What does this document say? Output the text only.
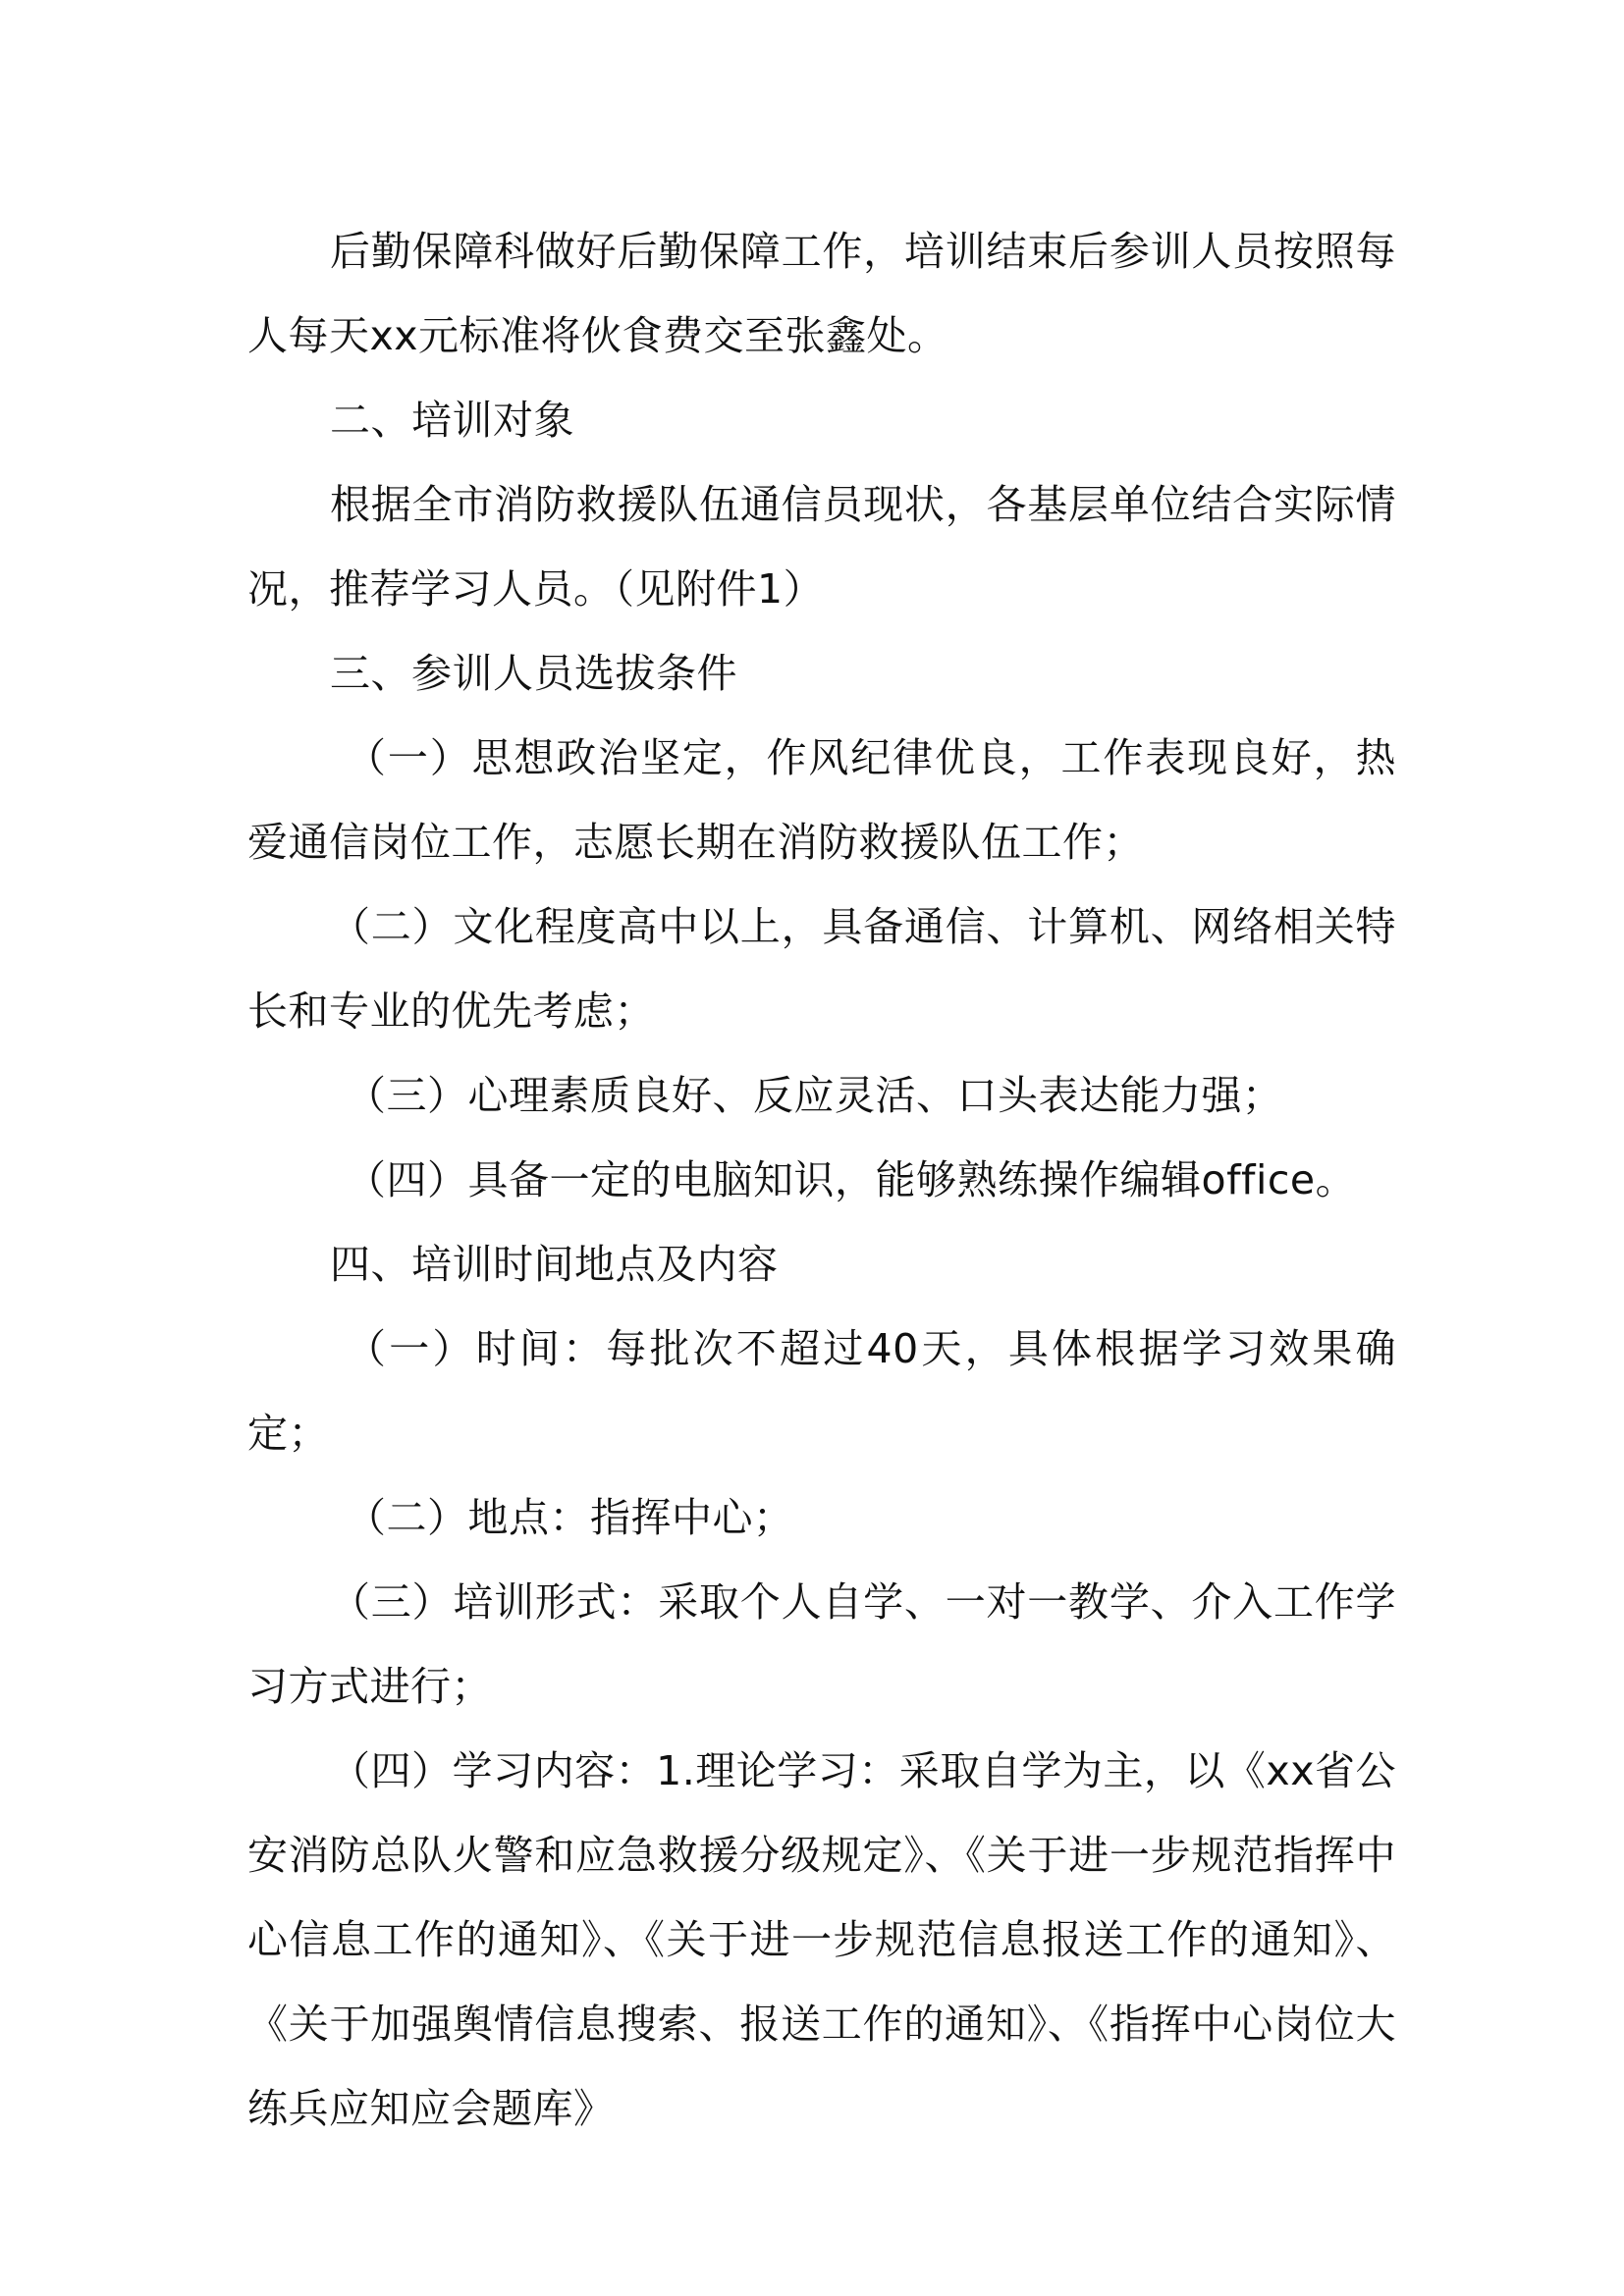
后勤保障科做好后勤保障工作，培训结束后参训人员按照每人每天xx元标准将伙食费交至张鑫处。

二、培训对象

根据全市消防救援队伍通信员现状，各基层单位结合实际情况，推荐学习人员。（见附件1）

三、参训人员选拔条件

（一）思想政治坚定，作风纪律优良，工作表现良好，热爱通信岗位工作，志愿长期在消防救援队伍工作；

（二）文化程度高中以上，具备通信、计算机、网络相关特长和专业的优先考虑；

（三）心理素质良好、反应灵活、口头表达能力强；

（四）具备一定的电脑知识，能够熟练操作编辑office。

四、培训时间地点及内容

（一）时间：每批次不超过40天，具体根据学习效果确定；

（二）地点：指挥中心；

（三）培训形式：采取个人自学、一对一教学、介入工作学习方式进行；

（四）学习内容：1.理论学习：采取自学为主，以《xx省公安消防总队火警和应急救援分级规定》、《关于进一步规范指挥中心信息工作的通知》、《关于进一步规范信息报送工作的通知》、《关于加强舆情信息搜索、报送工作的通知》、《指挥中心岗位大练兵应知应会题库》
